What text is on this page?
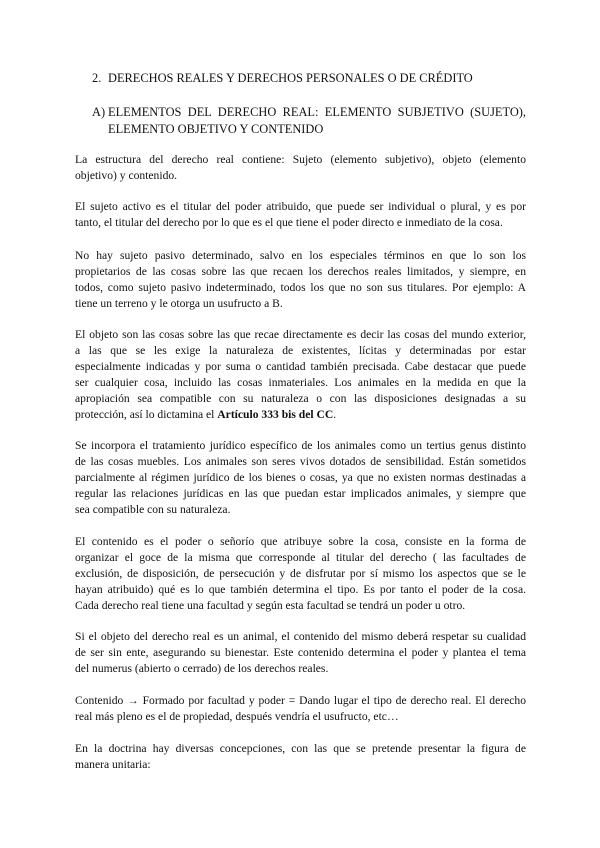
2. DERECHOS REALES Y DERECHOS PERSONALES O DE CRÉDITO
A) ELEMENTOS DEL DERECHO REAL: ELEMENTO SUBJETIVO (SUJETO),
ELEMENTO OBJETIVO Y CONTENIDO
La estructura del derecho real contiene: Sujeto (elemento subjetivo), objeto (elemento
objetivo) y contenido.
El sujeto activo es el titular del poder atribuido, que puede ser individual o plural, y es por
tanto, el titular del derecho por lo que es el que tiene el poder directo e inmediato de la cosa.
No hay sujeto pasivo determinado, salvo en los especiales términos en que lo son los
propietarios de las cosas sobre las que recaen los derechos reales limitados, y siempre, en
todos, como sujeto pasivo indeterminado, todos los que no son sus titulares. Por ejemplo: A
tiene un terreno y le otorga un usufructo a B.
El objeto son las cosas sobre las que recae directamente es decir las cosas del mundo exterior,
a las que se les exige la naturaleza de existentes, lícitas y determinadas por estar
especialmente indicadas y por suma o cantidad también precisada. Cabe destacar que puede
ser cualquier cosa, incluido las cosas inmateriales. Los animales en la medida en que la
apropiación sea compatible con su naturaleza o con las disposiciones designadas a su
protección, así lo dictamina el Artículo 333 bis del CC.
Se incorpora el tratamiento jurídico específico de los animales como un tertius genus distinto
de las cosas muebles. Los animales son seres vivos dotados de sensibilidad. Están sometidos
parcialmente al régimen jurídico de los bienes o cosas, ya que no existen normas destinadas a
regular las relaciones jurídicas en las que puedan estar implicados animales, y siempre que
sea compatible con su naturaleza.
El contenido es el poder o señorío que atribuye sobre la cosa, consiste en la forma de
organizar el goce de la misma que corresponde al titular del derecho ( las facultades de
exclusión, de disposición, de persecución y de disfrutar por sí mismo los aspectos que se le
hayan atribuido) qué es lo que también determina el tipo. Es por tanto el poder de la cosa.
Cada derecho real tiene una facultad y según esta facultad se tendrá un poder u otro.
Si el objeto del derecho real es un animal, el contenido del mismo deberá respetar su cualidad
de ser sin ente, asegurando su bienestar. Este contenido determina el poder y plantea el tema
del numerus (abierto o cerrado) de los derechos reales.
Contenido → Formado por facultad y poder = Dando lugar el tipo de derecho real. El derecho
real más pleno es el de propiedad, después vendría el usufructo, etc…
En la doctrina hay diversas concepciones, con las que se pretende presentar la figura de
manera unitaria:
